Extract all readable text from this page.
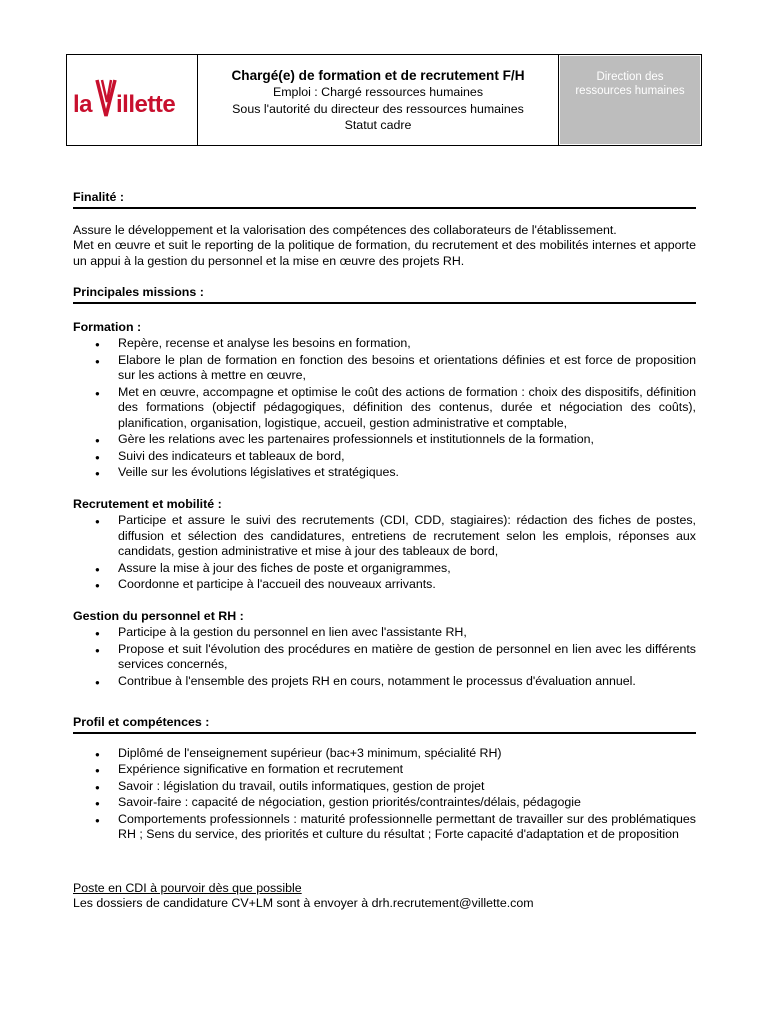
la illette
Chargé(e) de formation et de recrutement F/H
Emploi : Chargé ressources humaines
Sous l'autorité du directeur des ressources humaines
Statut cadre
Direction des ressources humaines
Finalité :

Assure le développement et la valorisation des compétences des collaborateurs de l'établissement.

Met en œuvre et suit le reporting de la politique de formation, du recrutement et des mobilités internes et apporte un appui à la gestion du personnel et la mise en œuvre des projets RH.

Principales missions :

Formation :

● Repère, recense et analyse les besoins en formation,
● Elabore le plan de formation en fonction des besoins et orientations définies et est force de proposition sur les actions à mettre en œuvre,
● Met en œuvre, accompagne et optimise le coût des actions de formation : choix des dispositifs, définition des formations (objectif pédagogiques, définition des contenus, durée et négociation des coûts), planification, organisation, logistique, accueil, gestion administrative et comptable,
● Gère les relations avec les partenaires professionnels et institutionnels de la formation,
● Suivi des indicateurs et tableaux de bord,
● Veille sur les évolutions législatives et stratégiques.

Recrutement et mobilité :

● Participe et assure le suivi des recrutements (CDI, CDD, stagiaires): rédaction des fiches de postes, diffusion et sélection des candidatures, entretiens de recrutement selon les emplois, réponses aux candidats, gestion administrative et mise à jour des tableaux de bord,
● Assure la mise à jour des fiches de poste et organigrammes,
● Coordonne et participe à l'accueil des nouveaux arrivants.

Gestion du personnel et RH :

● Participe à la gestion du personnel en lien avec l'assistante RH,
● Propose et suit l'évolution des procédures en matière de gestion de personnel en lien avec les différents services concernés,
● Contribue à l'ensemble des projets RH en cours, notamment le processus d'évaluation annuel.
Profil et compétences :
● Diplômé de l'enseignement supérieur (bac+3 minimum, spécialité RH)
● Expérience significative en formation et recrutement
● Savoir : législation du travail, outils informatiques, gestion de projet
● Savoir-faire : capacité de négociation, gestion priorités/contraintes/délais, pédagogie
● Comportements professionnels : maturité professionnelle permettant de travailler sur des problématiques RH ; Sens du service, des priorités et culture du résultat ; Forte capacité d'adaptation et de proposition

Poste en CDI à pourvoir dès que possible

Les dossiers de candidature CV+LM sont à envoyer à drh.recrutement@villette.com
